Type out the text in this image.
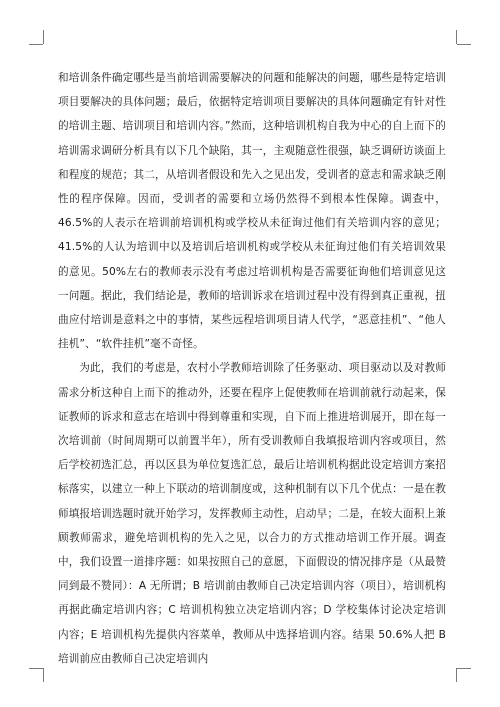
和培训条件确定哪些是当前培训需要解决的问题和能解决的问题，哪些是特定培训项目要解决的具体问题；最后，依据特定培训项目要解决的具体问题确定有针对性的培训主题、培训项目和培训内容。”然而，这种培训机构自我为中心的自上而下的培训需求调研分析具有以下几个缺陷，其一，主观随意性很强，缺乏调研访谈面上和程度的规范；其二，从培训者假设和先入之见出发，受训者的意志和需求缺乏刚性的程序保障。因而，受训者的需要和立场仍然得不到根本性保障。调查中，46.5%的人表示在培训前培训机构或学校从未征询过他们有关培训内容的意见；41.5%的人认为培训中以及培训后培训机构或学校从未征询过他们有关培训效果的意见。50%左右的教师表示没有考虑过培训机构是否需要征询他们培训意见这一问题。据此，我们结论是，教师的培训诉求在培训过程中没有得到真正重视，扭曲应付培训是意料之中的事情，某些远程培训项目请人代学，“恶意挂机”、“他人挂机”、“软件挂机”毫不奇怪。

为此，我们的考虑是，农村小学教师培训除了任务驱动、项目驱动以及对教师需求分析这种自上而下的推动外，还要在程序上促使教师在培训前就行动起来，保证教师的诉求和意志在培训中得到尊重和实现，自下而上推进培训展开，即在每一次培训前（时间周期可以前置半年），所有受训教师自我填报培训内容或项目，然后学校初选汇总，再以区县为单位复选汇总，最后让培训机构据此设定培训方案招标落实，以建立一种上下联动的培训制度或，这种机制有以下几个优点：一是在教师填报培训选题时就开始学习，发挥教师主动性，启动早；二是，在较大面积上兼顾教师需求，避免培训机构的先入之见，以合力的方式推动培训工作开展。调查中，我们设置一道排序题：如果按照自己的意愿，下面假设的情况排序是（从最赞同到最不赞同）：A 无所谓；B 培训前由教师自己决定培训内容（项目），培训机构再据此确定培训内容；C 培训机构独立决定培训内容；D 学校集体讨论决定培训内容；E 培训机构先提供内容菜单，教师从中选择培训内容。结果 50.6%人把 B 培训前应由教师自己决定培训内
